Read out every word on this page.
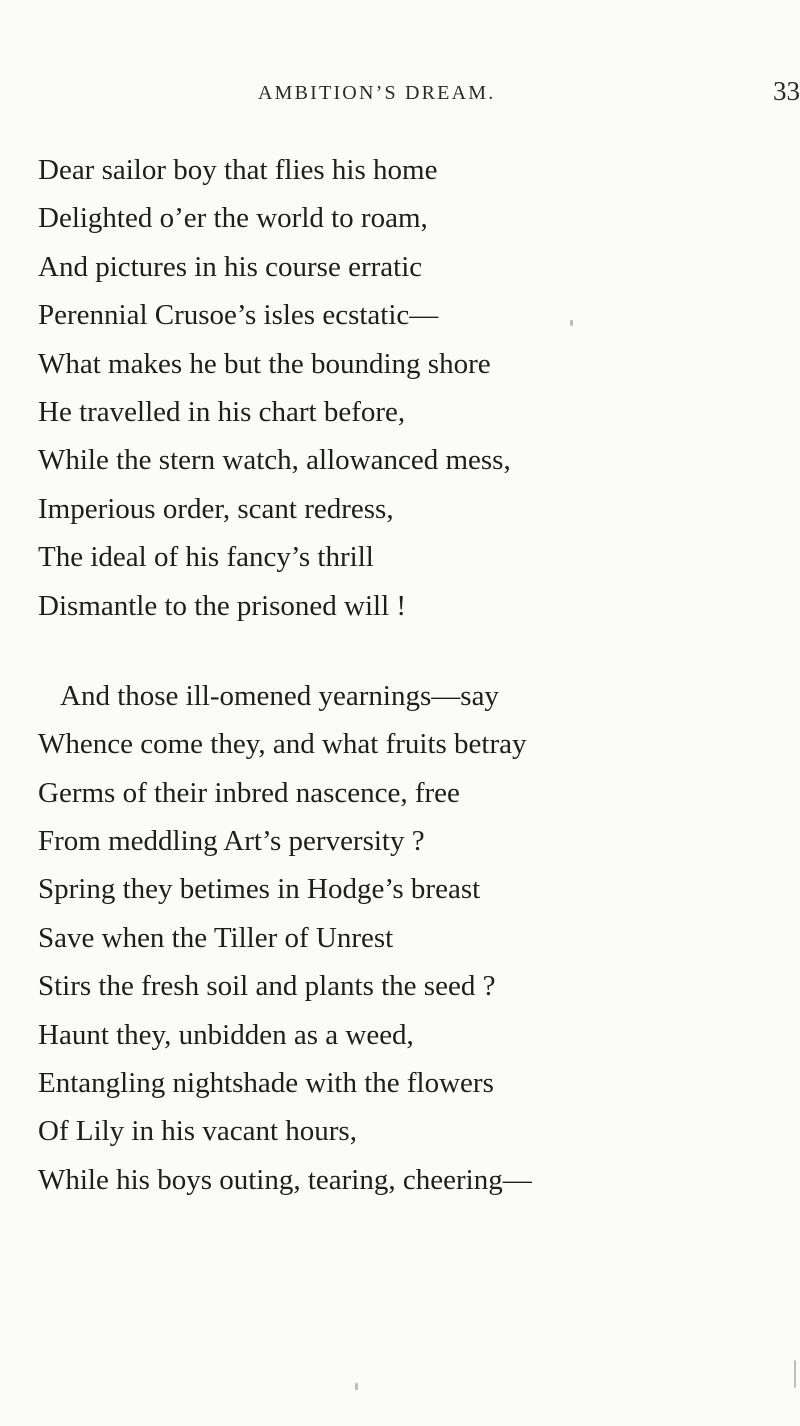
AMBITION’S DREAM.	33
Dear sailor boy that flies his home
Delighted o’er the world to roam,
And pictures in his course erratic
Perennial Crusoe’s isles ecstatic—
What makes he but the bounding shore
He travelled in his chart before,
While the stern watch, allowanced mess,
Imperious order, scant redress,
The ideal of his fancy’s thrill
Dismantle to the prisoned will !
And those ill-omened yearnings—say
Whence come they, and what fruits betray
Germs of their inbred nascence, free
From meddling Art’s perversity ?
Spring they betimes in Hodge’s breast
Save when the Tiller of Unrest
Stirs the fresh soil and plants the seed ?
Haunt they, unbidden as a weed,
Entangling nightshade with the flowers
Of Lily in his vacant hours,
While his boys outing, tearing, cheering—
